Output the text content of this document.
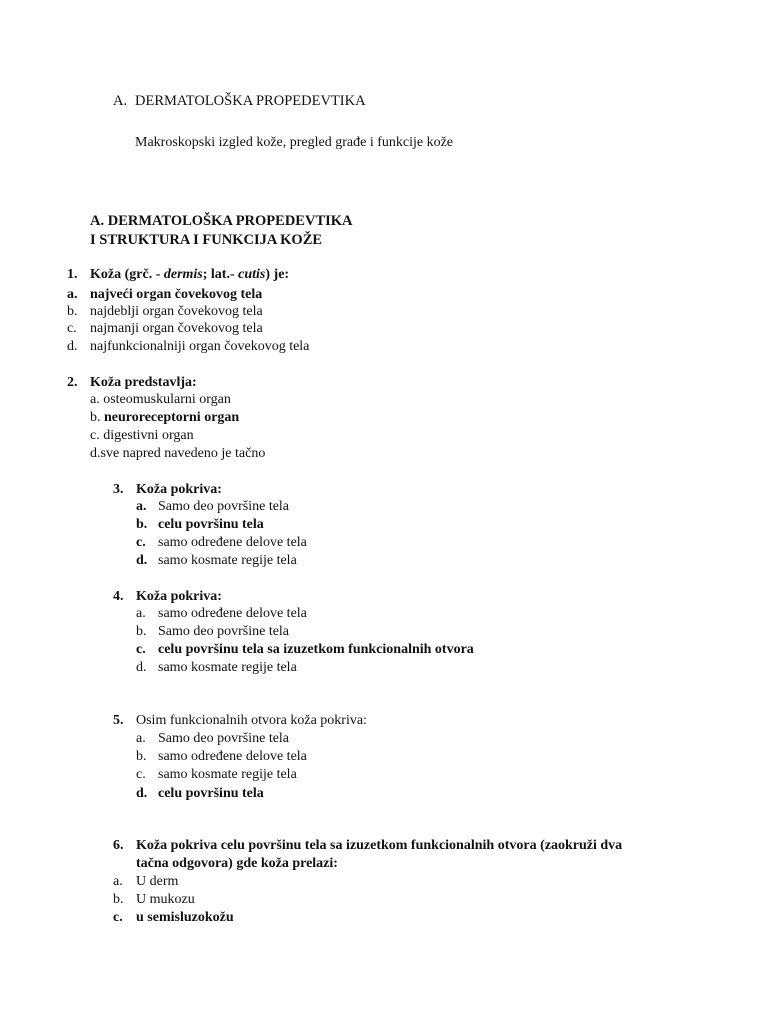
A. DERMATOLOŠKA PROPEDEVTIKA
Makroskopski izgled kože, pregled građe i funkcije kože
A. DERMATOLOŠKA PROPEDEVTIKA
I STRUKTURA I FUNKCIJA KOŽE
1. Koža (grč. - dermis; lat.- cutis) je:
a. najveći organ čovekovog tela
b. najdeblji organ čovekovog tela
c. najmanji organ čovekovog tela
d. najfunkcionalniji organ čovekovog tela
2. Koža predstavlja:
a. osteomuskularni organ
b. neuroreceptorni organ
c. digestivni organ
d.sve napred navedeno je tačno
3. Koža pokriva:
a. Samo deo površine tela
b. celu površinu tela
c. samo određene delove tela
d. samo kosmate regije tela
4. Koža pokriva:
a. samo određene delove tela
b. Samo deo površine tela
c. celu površinu tela sa izuzetkom funkcionalnih otvora
d. samo kosmate regije tela
5. Osim funkcionalnih otvora koža pokriva:
a. Samo deo površine tela
b. samo određene delove tela
c. samo kosmate regije tela
d. celu površinu tela
6. Koža pokriva celu površinu tela sa izuzetkom funkcionalnih otvora (zaokruži dva
tačna odgovora) gde koža prelazi:
a. U derm
b. U mukozu
c. u semisluzokožu
